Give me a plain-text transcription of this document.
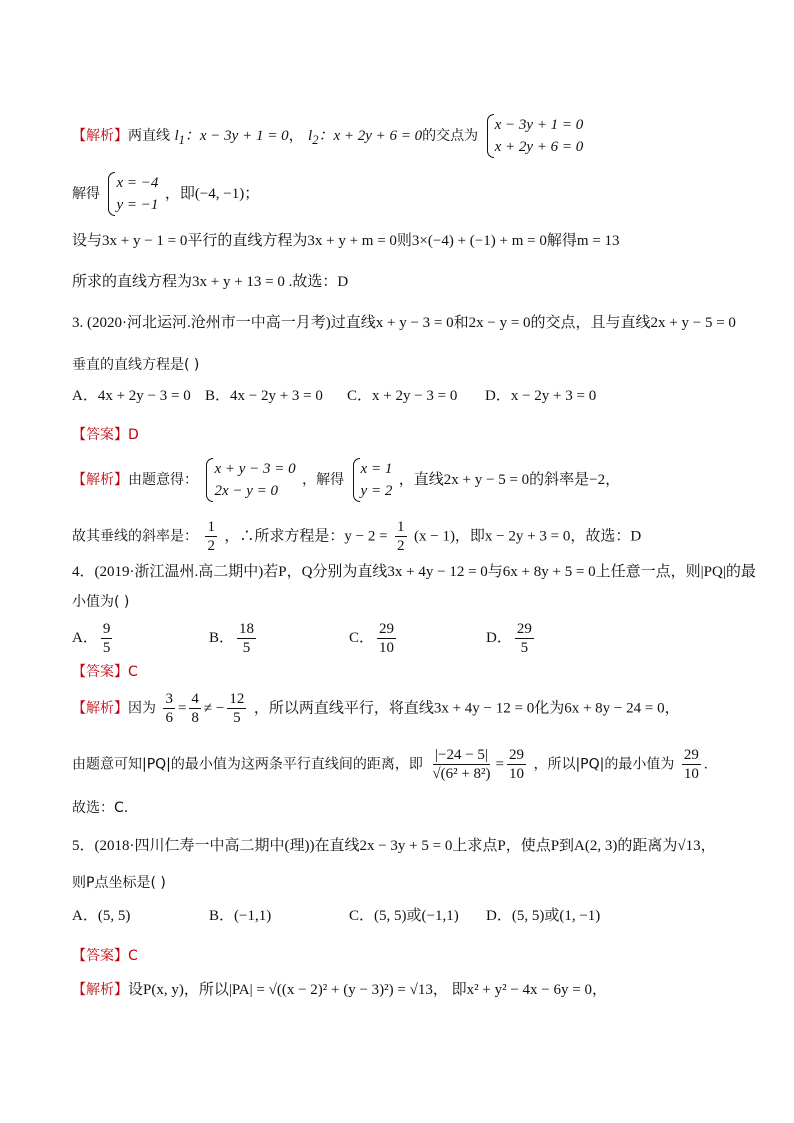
【解析】两直线 $l_1$：x − 3y + 1 = 0， $l_2$：x + 2y + 6 = 0的交点为
x − 3y + 1 = 0
x + 2y + 6 = 0
解得
x = −4
y = −1
，即(−4, −1)；
设与3x + y − 1 = 0平行的直线方程为3x + y + m = 0则3×(−4) + (−1) + m = 0解得m = 13
所求的直线方程为3x + y + 13 = 0 .故选：D
3. (2020·河北运河.沧州市一中高一月考)过直线x + y − 3 = 0和2x − y = 0的交点，且与直线2x + y − 5 = 0
垂直的直线方程是( )
A．4x + 2y − 3 = 0 B．4x − 2y + 3 = 0 C．x + 2y − 3 = 0 D．x − 2y + 3 = 0
【答案】D
【解析】由题意得：
x + y − 3 = 0
2x − y = 0
，解得
x = 1
y = 2
，直线2x + y − 5 = 0的斜率是−2，
故其垂线的斜率是： $\frac{1}{2}$ ，∴所求方程是：$y - 2 = \frac{1}{2} (x - 1)$，即x − 2y + 3 = 0，故选：D
4．(2019·浙江温州.高二期中)若P，Q分别为直线3x + 4y − 12 = 0与6x + 8y + 5 = 0上任意一点，则|PQ|的最
小值为( )
A． $\frac{9}{5}$	B． $\frac{18}{5}$	C． $\frac{29}{10}$	D． $\frac{29}{5}$
【答案】C
【解析】因为 $\frac{3}{6} = \frac{4}{8}$ ≠ − $\frac{12}{5}$ ，所以两直线平行，将直线3x + 4y − 12 = 0化为6x + 8y − 24 = 0，
由题意可知|PQ|的最小值为这两条平行直线间的距离，即 $\frac{|-24 - 5|}{\text{√(6² + 8²)}} = \frac{29}{10}$ ，所以|PQ|的最小值为 $\frac{29}{10}$ .
故选：C.
5．(2018·四川仁寿一中高二期中(理))在直线2x − 3y + 5 = 0上求点P，使点P到A(2, 3)的距离为√13，
则P点坐标是( )
A．(5, 5)	B．(−1,1)	C．(5, 5)或(−1,1) D．(5, 5)或(1, −1)
【答案】C
【解析】设P(x, y)，所以|PA| = √((x − 2)² + (y − 3)²) = √13， 即x² + y² − 4x − 6y = 0，
